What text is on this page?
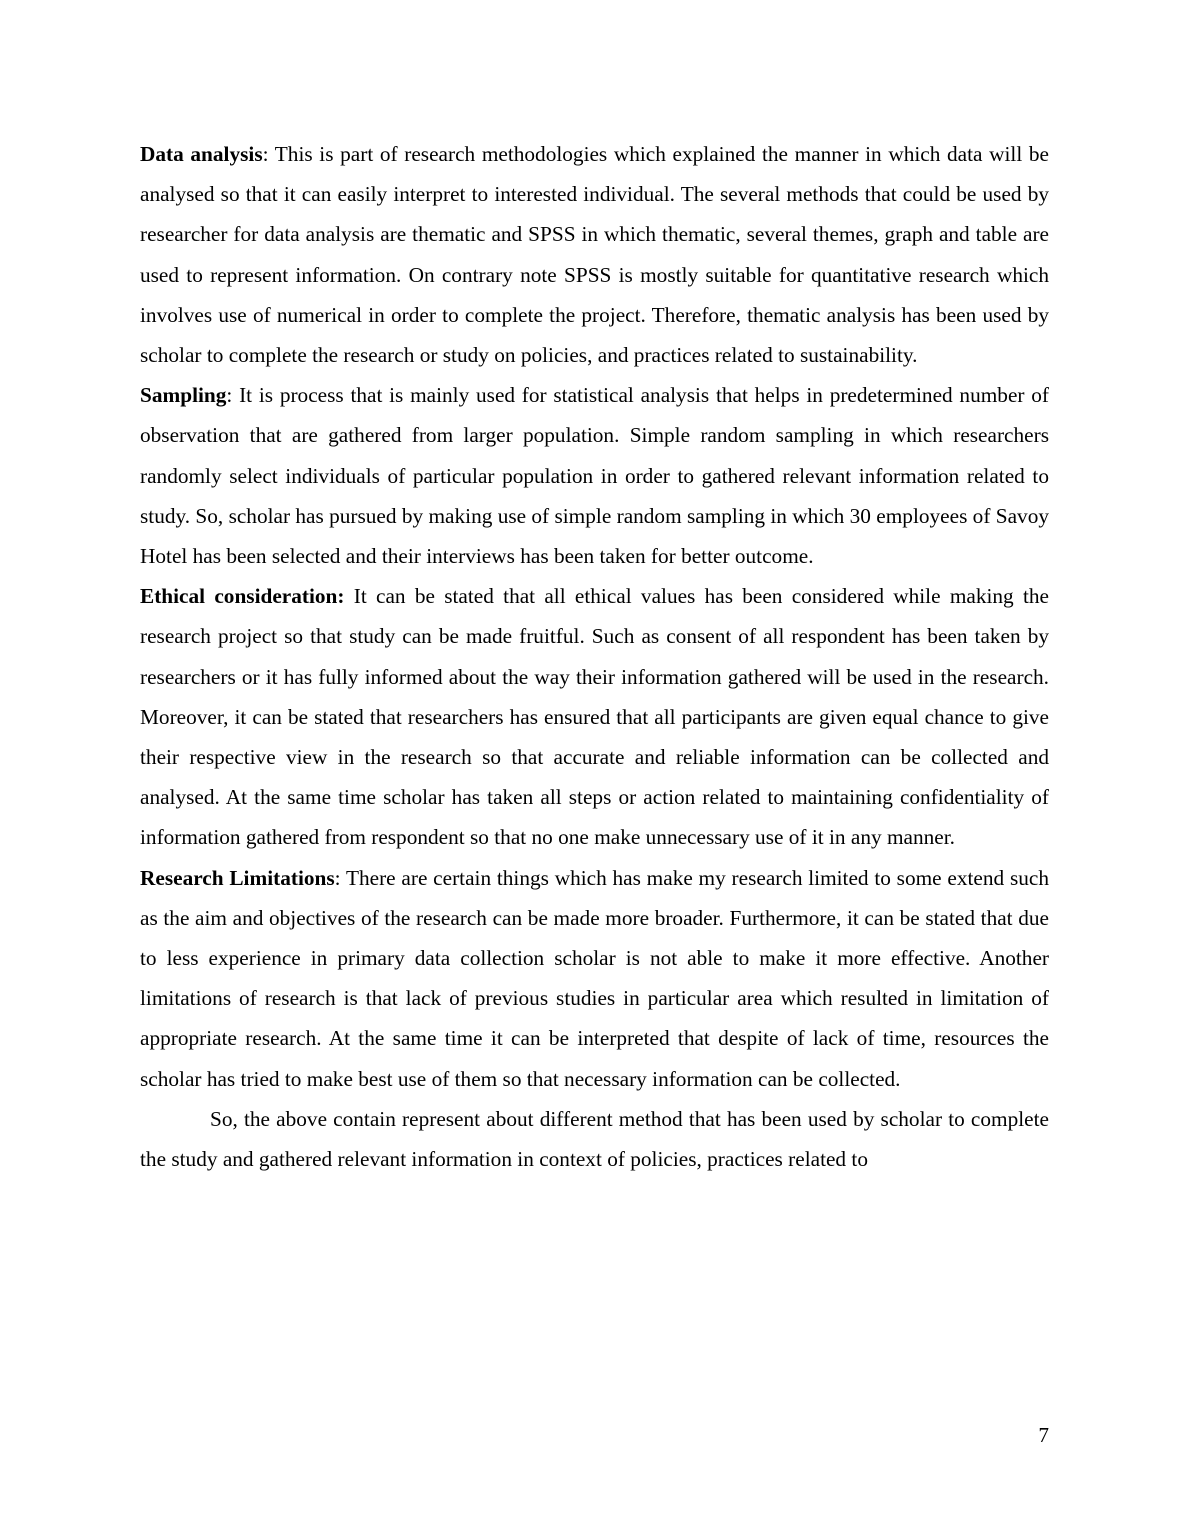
Data analysis: This is part of research methodologies which explained the manner in which data will be analysed so that it can easily interpret to interested individual. The several methods that could be used by researcher for data analysis are thematic and SPSS in which thematic, several themes, graph and table are used to represent information. On contrary note SPSS is mostly suitable for quantitative research which involves use of numerical in order to complete the project. Therefore, thematic analysis has been used by scholar to complete the research or study on policies, and practices related to sustainability.

Sampling: It is process that is mainly used for statistical analysis that helps in predetermined number of observation that are gathered from larger population. Simple random sampling in which researchers randomly select individuals of particular population in order to gathered relevant information related to study. So, scholar has pursued by making use of simple random sampling in which 30 employees of Savoy Hotel has been selected and their interviews has been taken for better outcome.

Ethical consideration: It can be stated that all ethical values has been considered while making the research project so that study can be made fruitful. Such as consent of all respondent has been taken by researchers or it has fully informed about the way their information gathered will be used in the research. Moreover, it can be stated that researchers has ensured that all participants are given equal chance to give their respective view in the research so that accurate and reliable information can be collected and analysed. At the same time scholar has taken all steps or action related to maintaining confidentiality of information gathered from respondent so that no one make unnecessary use of it in any manner.

Research Limitations: There are certain things which has make my research limited to some extend such as the aim and objectives of the research can be made more broader. Furthermore, it can be stated that due to less experience in primary data collection scholar is not able to make it more effective. Another limitations of research is that lack of previous studies in particular area which resulted in limitation of appropriate research. At the same time it can be interpreted that despite of lack of time, resources the scholar has tried to make best use of them so that necessary information can be collected.

So, the above contain represent about different method that has been used by scholar to complete the study and gathered relevant information in context of policies, practices related to

7
